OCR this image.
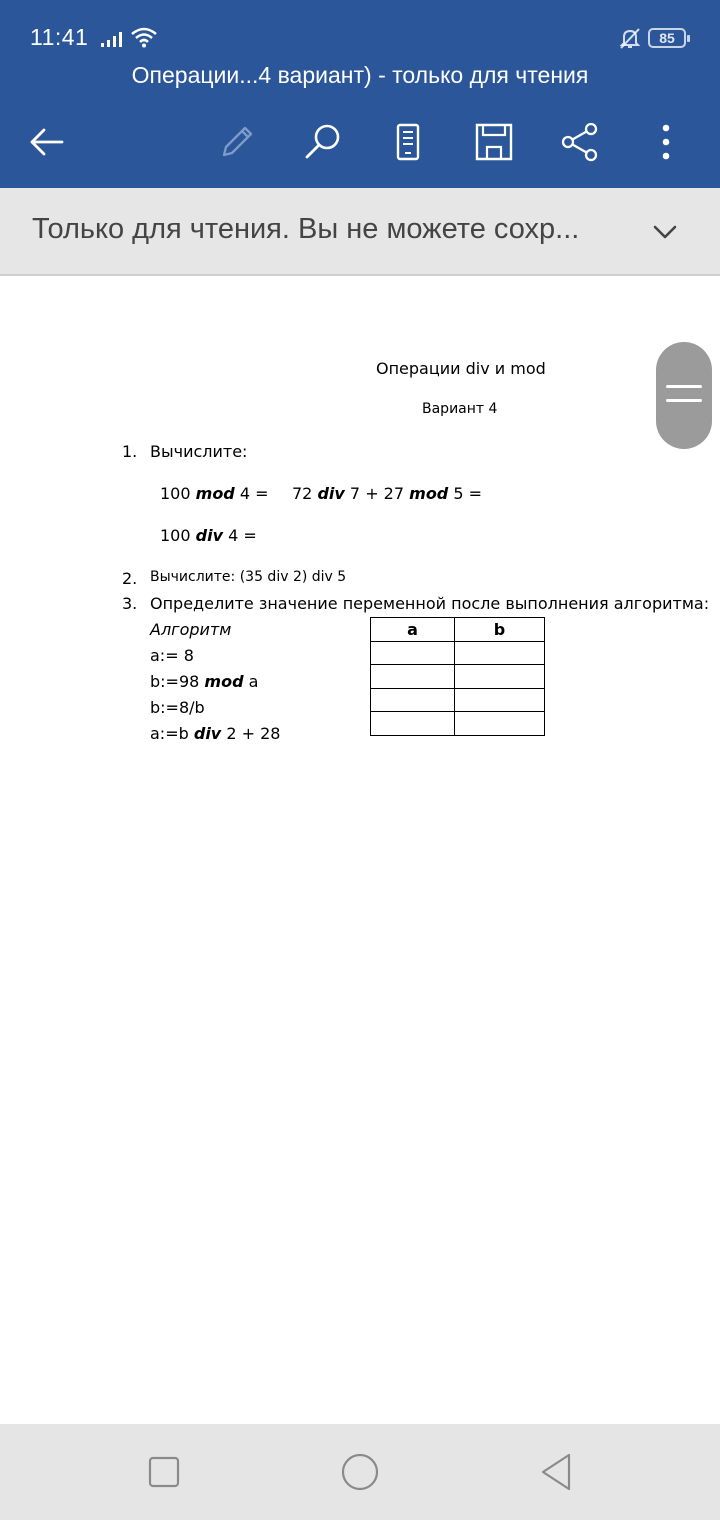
11:41	85
Операции...4 вариант) - только для чтения
Только для чтения. Вы не можете сохр...
Операции div и mod
Вариант 4
1. Вычислите:
100 mod 4 = 72 div 7 + 27 mod 5 =
100 div 4 =
2. Вычислите: (35 div 2) div 5
3. Определите значение переменной после выполнения алгоритма:
Алгоритм
a:= 8
b:=98 mod a
b:=8/b
a:=b div 2 + 28
a	b
